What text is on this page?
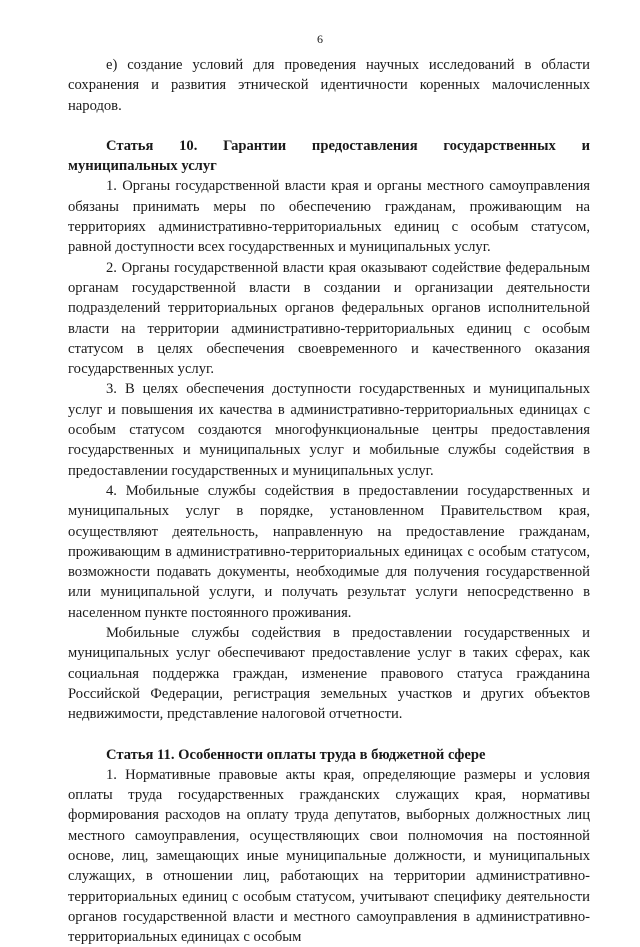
6

е) создание условий для проведения научных исследований в области сохранения и развития этнической идентичности коренных малочисленных народов.

Статья 10. Гарантии предоставления государственных и

муниципальных услуг

1. Органы государственной власти края и органы местного самоуправления обязаны принимать меры по обеспечению гражданам, проживающим на территориях административно-территориальных единиц с особым статусом, равной доступности всех государственных и муниципальных услуг.

2. Органы государственной власти края оказывают содействие федеральным органам государственной власти в создании и организации деятельности подразделений территориальных органов федеральных органов исполнительной власти на территории административно-территориальных единиц с особым статусом в целях обеспечения своевременного и качественного оказания государственных услуг.

3. В целях обеспечения доступности государственных и муниципальных услуг и повышения их качества в административно-территориальных единицах с особым статусом создаются многофункциональные центры предоставления государственных и муниципальных услуг и мобильные службы содействия в предоставлении государственных и муниципальных услуг.

4. Мобильные службы содействия в предоставлении государственных и муниципальных услуг в порядке, установленном Правительством края, осуществляют деятельность, направленную на предоставление гражданам, проживающим в административно-территориальных единицах с особым статусом, возможности подавать документы, необходимые для получения государственной или муниципальной услуги, и получать результат услуги непосредственно в населенном пункте постоянного проживания.

Мобильные службы содействия в предоставлении государственных и муниципальных услуг обеспечивают предоставление услуг в таких сферах, как социальная поддержка граждан, изменение правового статуса гражданина Российской Федерации, регистрация земельных участков и других объектов недвижимости, представление налоговой отчетности.

Статья 11. Особенности оплаты труда в бюджетной сфере

1. Нормативные правовые акты края, определяющие размеры и условия оплаты труда государственных гражданских служащих края, нормативы формирования расходов на оплату труда депутатов, выборных должностных лиц местного самоуправления, осуществляющих свои полномочия на постоянной основе, лиц, замещающих иные муниципальные должности, и муниципальных служащих, в отношении лиц, работающих на территории административно-территориальных единиц с особым статусом, учитывают специфику деятельности органов государственной власти и местного самоуправления в административно-территориальных единицах с особым
